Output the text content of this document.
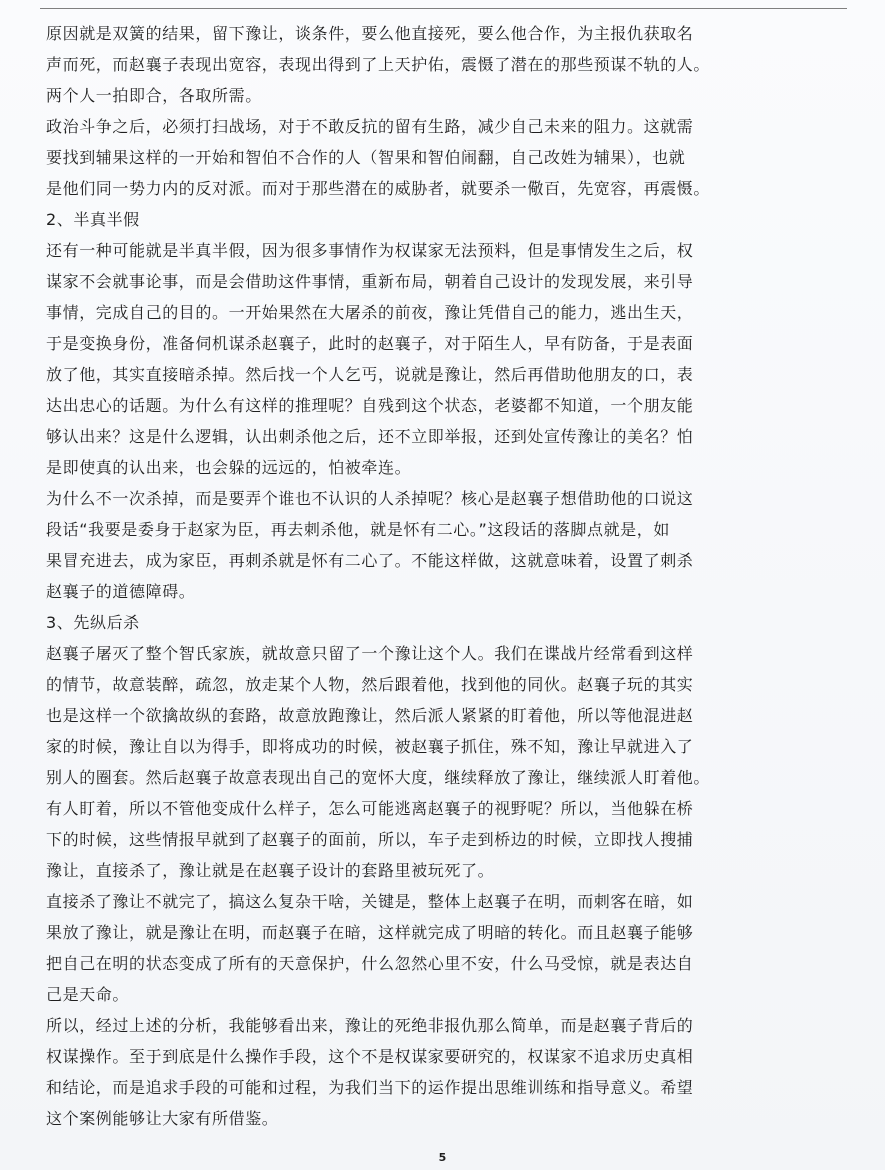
原因就是双簧的结果，留下豫让，谈条件，要么他直接死，要么他合作，为主报仇获取名
声而死，而赵襄子表现出宽容，表现出得到了上天护佑，震慑了潜在的那些预谋不轨的人。
两个人一拍即合，各取所需。

政治斗争之后，必须打扫战场，对于不敢反抗的留有生路，减少自己未来的阻力。这就需
要找到辅果这样的一开始和智伯不合作的人（智果和智伯闹翻，自己改姓为辅果），也就
是他们同一势力内的反对派。而对于那些潜在的威胁者，就要杀一儆百，先宽容，再震慑。

2、半真半假

还有一种可能就是半真半假，因为很多事情作为权谋家无法预料，但是事情发生之后，权
谋家不会就事论事，而是会借助这件事情，重新布局，朝着自己设计的发现发展，来引导
事情，完成自己的目的。一开始果然在大屠杀的前夜，豫让凭借自己的能力，逃出生天，
于是变换身份，准备伺机谋杀赵襄子，此时的赵襄子，对于陌生人，早有防备，于是表面
放了他，其实直接暗杀掉。然后找一个人乞丐，说就是豫让，然后再借助他朋友的口，表
达出忠心的话题。为什么有这样的推理呢？自残到这个状态，老婆都不知道，一个朋友能
够认出来？这是什么逻辑，认出刺杀他之后，还不立即举报，还到处宣传豫让的美名？怕
是即使真的认出来，也会躲的远远的，怕被牵连。

为什么不一次杀掉，而是要弄个谁也不认识的人杀掉呢？核心是赵襄子想借助他的口说这
段话“我要是委身于赵家为臣，再去刺杀他，就是怀有二心。”这段话的落脚点就是，如
果冒充进去，成为家臣，再刺杀就是怀有二心了。不能这样做，这就意味着，设置了刺杀
赵襄子的道德障碍。

3、先纵后杀

赵襄子屠灭了整个智氏家族，就故意只留了一个豫让这个人。我们在谍战片经常看到这样
的情节，故意装醉，疏忽，放走某个人物，然后跟着他，找到他的同伙。赵襄子玩的其实
也是这样一个欲擒故纵的套路，故意放跑豫让，然后派人紧紧的盯着他，所以等他混进赵
家的时候，豫让自以为得手，即将成功的时候，被赵襄子抓住，殊不知，豫让早就进入了
别人的圈套。然后赵襄子故意表现出自己的宽怀大度，继续释放了豫让，继续派人盯着他。
有人盯着，所以不管他变成什么样子，怎么可能逃离赵襄子的视野呢？所以，当他躲在桥
下的时候，这些情报早就到了赵襄子的面前，所以，车子走到桥边的时候，立即找人搜捕
豫让，直接杀了，豫让就是在赵襄子设计的套路里被玩死了。

直接杀了豫让不就完了，搞这么复杂干啥，关键是，整体上赵襄子在明，而刺客在暗，如
果放了豫让，就是豫让在明，而赵襄子在暗，这样就完成了明暗的转化。而且赵襄子能够
把自己在明的状态变成了所有的天意保护，什么忽然心里不安，什么马受惊，就是表达自
己是天命。

所以，经过上述的分析，我能够看出来，豫让的死绝非报仇那么简单，而是赵襄子背后的
权谋操作。至于到底是什么操作手段，这个不是权谋家要研究的，权谋家不追求历史真相
和结论，而是追求手段的可能和过程，为我们当下的运作提出思维训练和指导意义。希望
这个案例能够让大家有所借鉴。

5
